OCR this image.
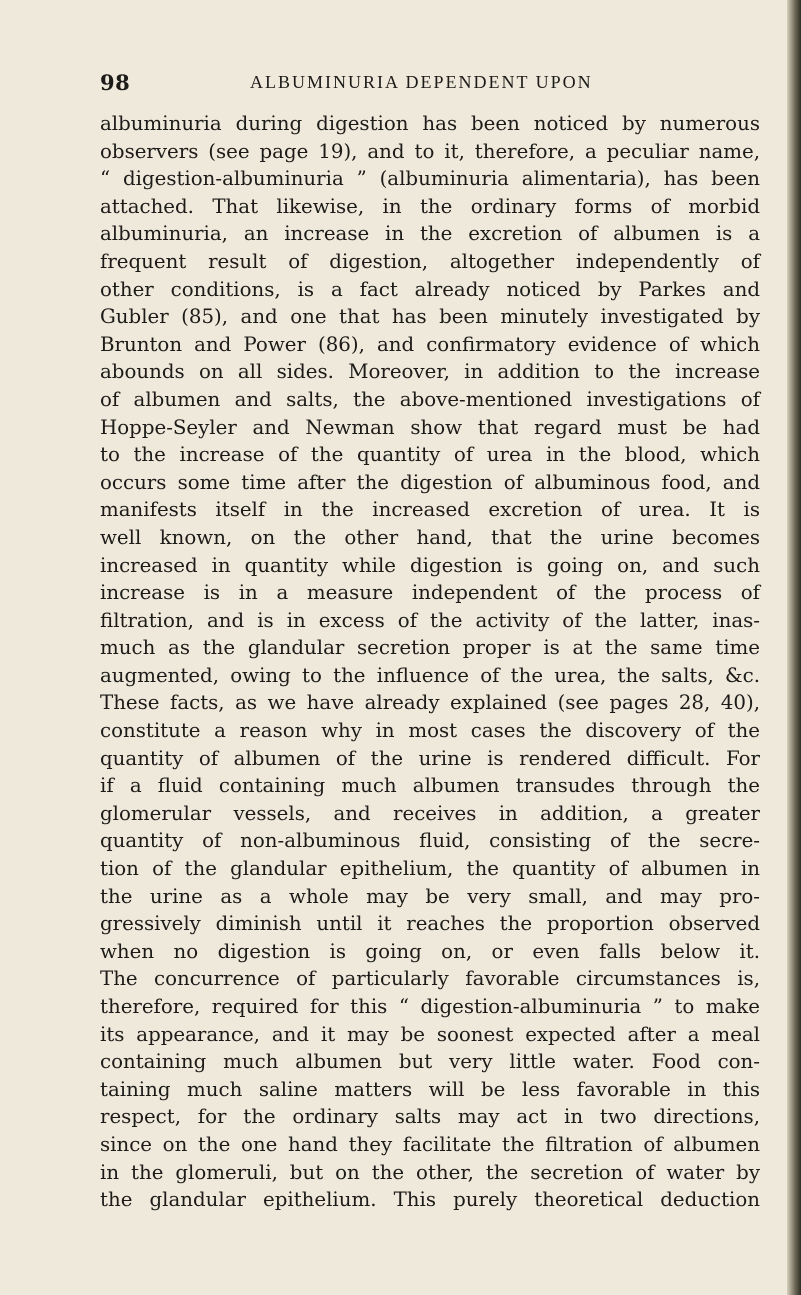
98	ALBUMINURIA DEPENDENT UPON
albuminuria during digestion has been noticed by numerous
observers (see page 19), and to it, therefore, a peculiar name,
“ digestion-albuminuria ” (albuminuria alimentaria), has been
attached. That likewise, in the ordinary forms of morbid
albuminuria, an increase in the excretion of albumen is a
frequent result of digestion, altogether independently of
other conditions, is a fact already noticed by Parkes and
Gubler (85), and one that has been minutely investigated by
Brunton and Power (86), and confirmatory evidence of which
abounds on all sides. Moreover, in addition to the increase
of albumen and salts, the above-mentioned investigations of
Hoppe-Seyler and Newman show that regard must be had
to the increase of the quantity of urea in the blood, which
occurs some time after the digestion of albuminous food, and
manifests itself in the increased excretion of urea. It is
well known, on the other hand, that the urine becomes
increased in quantity while digestion is going on, and such
increase is in a measure independent of the process of
filtration, and is in excess of the activity of the latter, inas-
much as the glandular secretion proper is at the same time
augmented, owing to the influence of the urea, the salts, &c.
These facts, as we have already explained (see pages 28, 40),
constitute a reason why in most cases the discovery of the
quantity of albumen of the urine is rendered difficult. For
if a fluid containing much albumen transudes through the
glomerular vessels, and receives in addition, a greater
quantity of non-albuminous fluid, consisting of the secre-
tion of the glandular epithelium, the quantity of albumen in
the urine as a whole may be very small, and may pro-
gressively diminish until it reaches the proportion observed
when no digestion is going on, or even falls below it.
The concurrence of particularly favorable circumstances is,
therefore, required for this “ digestion-albuminuria ” to make
its appearance, and it may be soonest expected after a meal
containing much albumen but very little water. Food con-
taining much saline matters will be less favorable in this
respect, for the ordinary salts may act in two directions,
since on the one hand they facilitate the filtration of albumen
in the glomeruli, but on the other, the secretion of water by
the glandular epithelium. This purely theoretical deduction
